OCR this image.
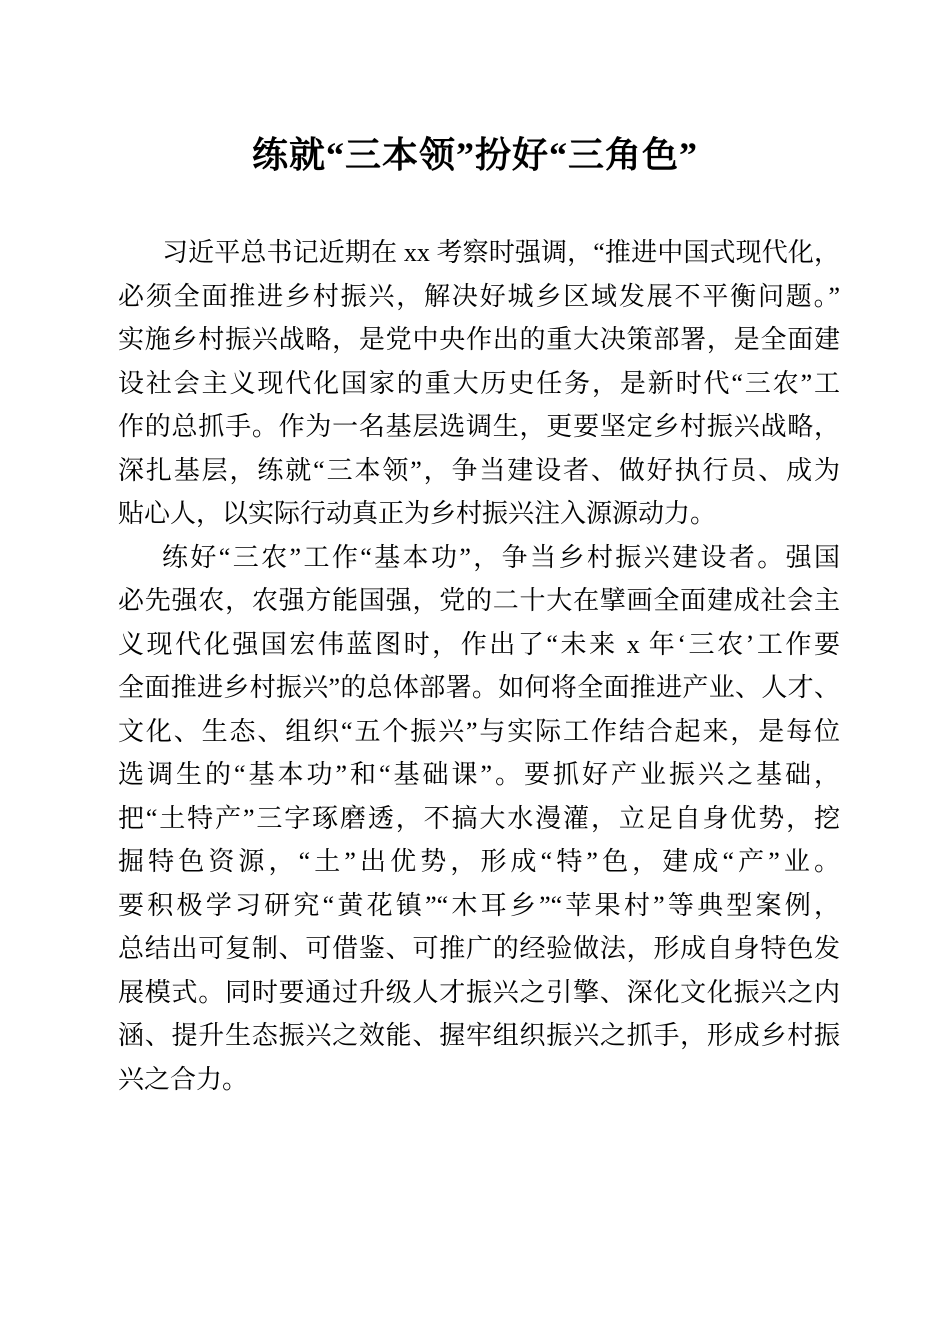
练就“三本领”扮好“三角色”
习近平总书记近期在 xx 考察时强调，“推进中国式现代化，
必须全面推进乡村振兴，解决好城乡区域发展不平衡问题。”
实施乡村振兴战略，是党中央作出的重大决策部署，是全面建
设社会主义现代化国家的重大历史任务，是新时代“三农”工
作的总抓手。作为一名基层选调生，更要坚定乡村振兴战略，
深扎基层，练就“三本领”，争当建设者、做好执行员、成为
贴心人，以实际行动真正为乡村振兴注入源源动力。
练好“三农”工作“基本功”，争当乡村振兴建设者。强国
必先强农，农强方能国强，党的二十大在擘画全面建成社会主
义现代化强国宏伟蓝图时，作出了“未来 x 年‘三农’工作要
全面推进乡村振兴”的总体部署。如何将全面推进产业、人才、
文化、生态、组织“五个振兴”与实际工作结合起来，是每位
选调生的“基本功”和“基础课”。要抓好产业振兴之基础，
把“土特产”三字琢磨透，不搞大水漫灌，立足自身优势，挖
掘特色资源，“土”出优势，形成“特”色，建成“产”业。
要积极学习研究“黄花镇”“木耳乡”“苹果村”等典型案例，
总结出可复制、可借鉴、可推广的经验做法，形成自身特色发
展模式。同时要通过升级人才振兴之引擎、深化文化振兴之内
涵、提升生态振兴之效能、握牢组织振兴之抓手，形成乡村振
兴之合力。
